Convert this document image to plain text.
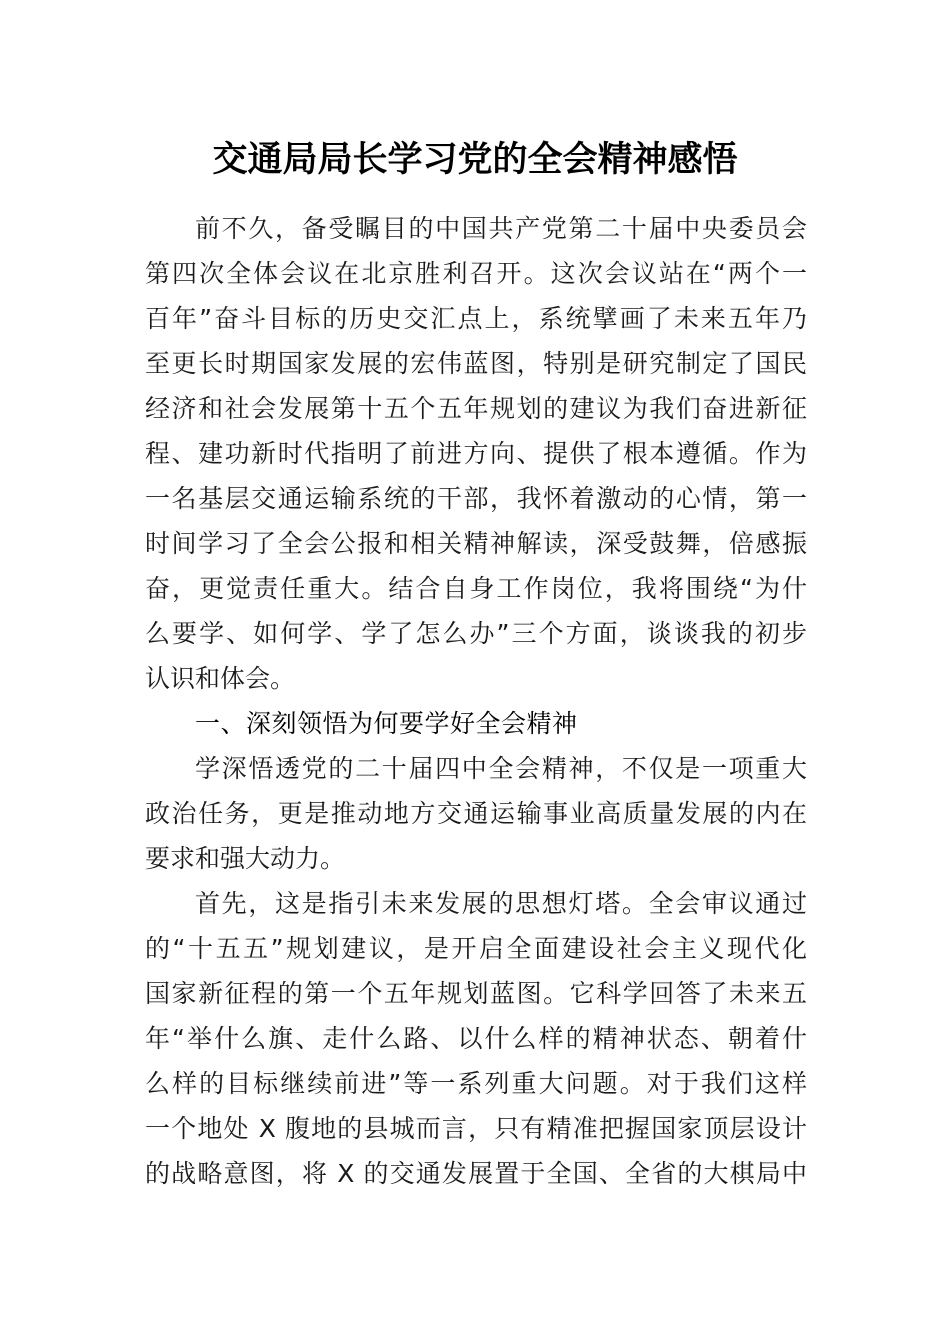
交通局局长学习党的全会精神感悟
前不久，备受瞩目的中国共产党第二十届中央委员会
第四次全体会议在北京胜利召开。这次会议站在“两个一
百年”奋斗目标的历史交汇点上，系统擘画了未来五年乃
至更长时期国家发展的宏伟蓝图，特别是研究制定了国民
经济和社会发展第十五个五年规划的建议为我们奋进新征
程、建功新时代指明了前进方向、提供了根本遵循。作为
一名基层交通运输系统的干部，我怀着激动的心情，第一
时间学习了全会公报和相关精神解读，深受鼓舞，倍感振
奋，更觉责任重大。结合自身工作岗位，我将围绕“为什
么要学、如何学、学了怎么办”三个方面，谈谈我的初步
认识和体会。
一、深刻领悟为何要学好全会精神
学深悟透党的二十届四中全会精神，不仅是一项重大
政治任务，更是推动地方交通运输事业高质量发展的内在
要求和强大动力。
首先，这是指引未来发展的思想灯塔。全会审议通过
的“十五五”规划建议，是开启全面建设社会主义现代化
国家新征程的第一个五年规划蓝图。它科学回答了未来五
年“举什么旗、走什么路、以什么样的精神状态、朝着什
么样的目标继续前进”等一系列重大问题。对于我们这样
一个地处 X 腹地的县城而言，只有精准把握国家顶层设计
的战略意图，将 X 的交通发展置于全国、全省的大棋局中
